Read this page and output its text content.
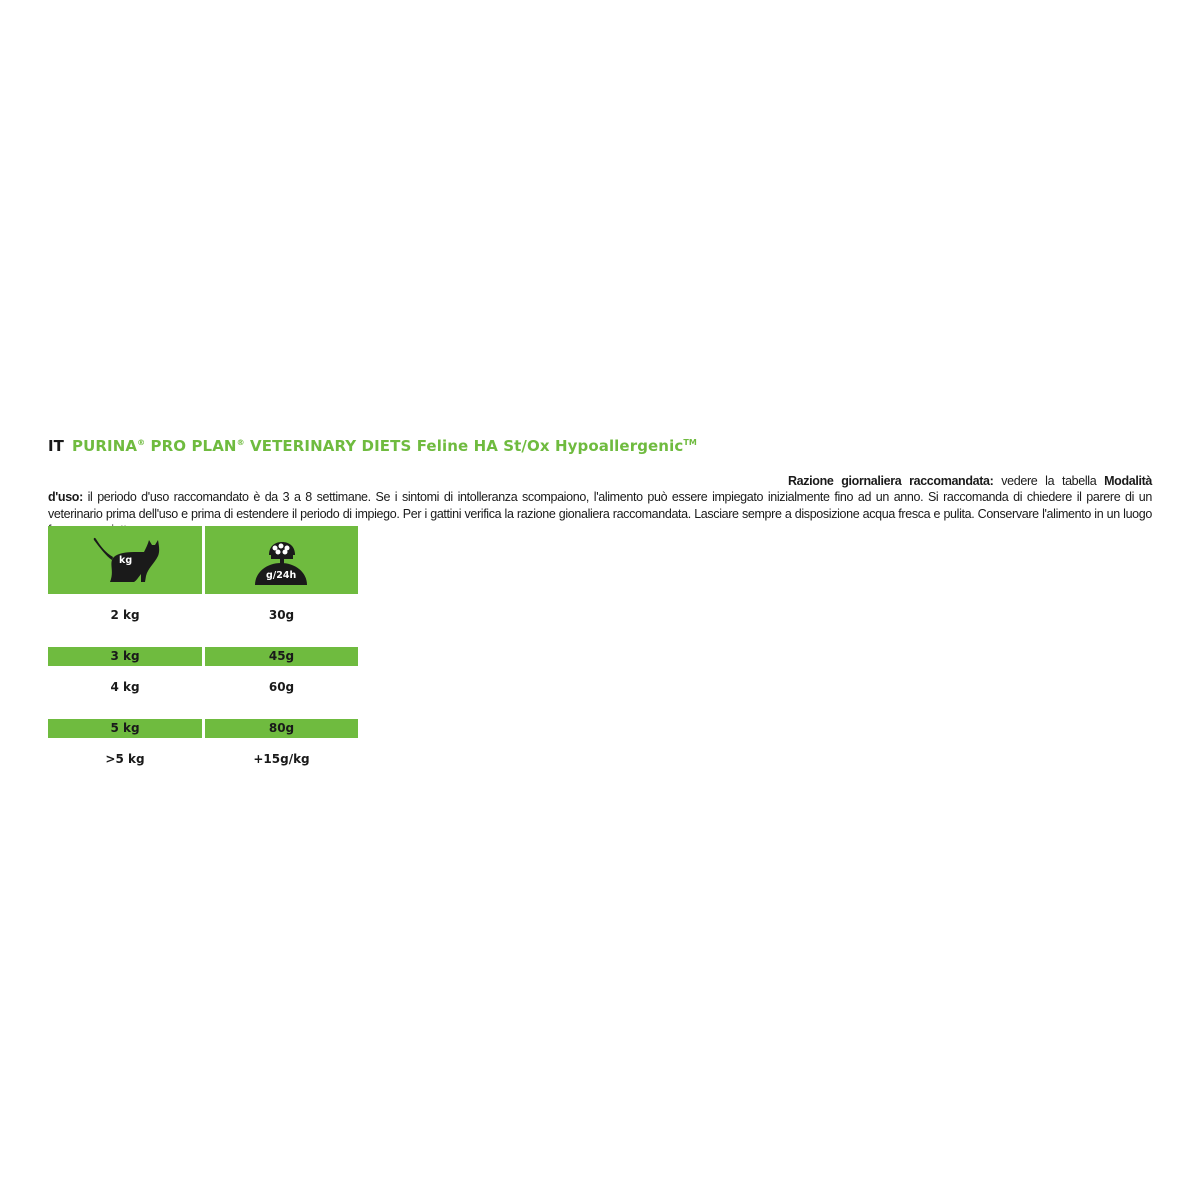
IT PURINA® PRO PLAN® VETERINARY DIETS Feline HA St/Ox Hypoallergenic™

Razione giornaliera raccomandata: vedere la tabella Modalità d'uso: il periodo d'uso raccomandato è da 3 a 8 settimane. Se i sintomi di intolleranza scompaiono, l'alimento può essere impiegato inizialmente fino ad un anno. Si raccomanda di chiedere il parere di un veterinario prima dell'uso e prima di estendere il periodo di impiego. Per i gattini verifica la razione gionaliera raccomandata. Lasciare sempre a disposizione acqua fresca e pulita. Conservare l'alimento in un luogo

kg		g/24h

2 kg		30g
3 kg		45g
4 kg		60g
5 kg		80g
>5 kg		+15g/kg
